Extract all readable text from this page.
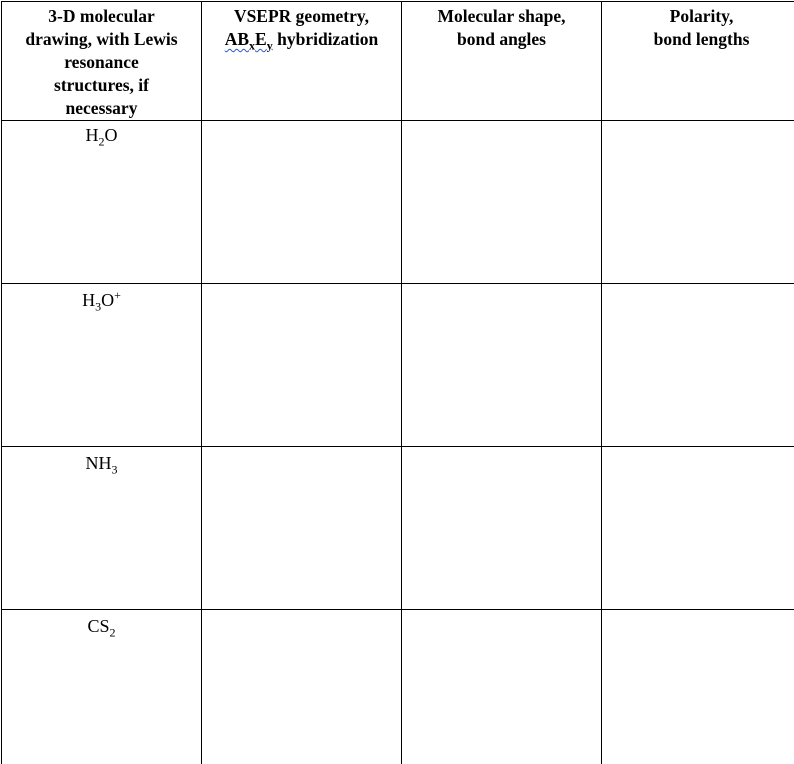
3-D molecular
drawing, with Lewis
resonance
structures, if
necessary	VSEPR geometry,
$AB_xE_y$ hybridization	Molecular shape,
bond angles	Polarity,
bond lengths

$H_2O$			

$H_3O^+$

$NH_3$

$CS_2$
